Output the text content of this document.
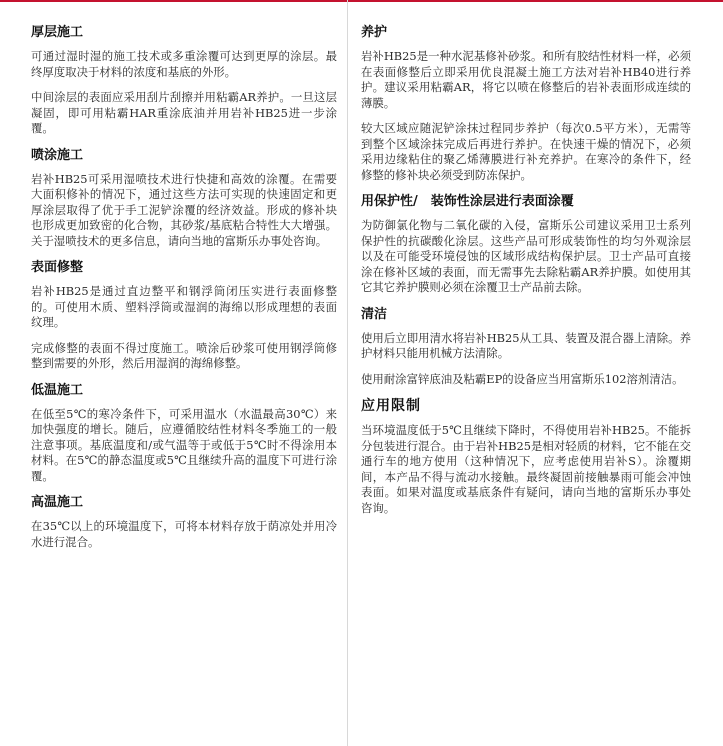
厚层施工

可通过湿时湿的施工技术或多重涂覆可达到更厚的涂层。最终厚度取决于材料的浓度和基底的外形。

中间涂层的表面应采用刮片刮擦并用粘霸AR养护。一旦这层凝固，即可用粘霸HAR重涂底油并用岩补HB25进一步涂覆。

喷涂施工

岩补HB25可采用湿喷技术进行快捷和高效的涂覆。在需要大面积修补的情况下，通过这些方法可实现的快速固定和更厚涂层取得了优于手工泥铲涂覆的经济效益。形成的修补块也形成更加致密的化合物，其砂浆/基底粘合特性大大增强。关于湿喷技术的更多信息，请向当地的富斯乐办事处咨询。

表面修整

岩补HB25是通过直边整平和钢浮筒闭压实进行表面修整的。可使用木质、塑料浮筒或湿润的海绵以形成理想的表面纹理。

完成修整的表面不得过度施工。喷涂后砂浆可使用钢浮筒修整到需要的外形，然后用湿润的海绵修整。

低温施工

在低至5℃的寒冷条件下，可采用温水（水温最高30℃）来加快强度的增长。随后，应遵循胶结性材料冬季施工的一般注意事项。基底温度和/或气温等于或低于5℃时不得涂用本材料。在5℃的静态温度或5℃且继续升高的温度下可进行涂覆。

高温施工

在35℃以上的环境温度下，可将本材料存放于荫凉处并用冷水进行混合。

养护

岩补HB25是一种水泥基修补砂浆。和所有胶结性材料一样，必须在表面修整后立即采用优良混凝土施工方法对岩补HB40进行养护。建议采用粘霸AR，将它以喷在修整后的岩补表面形成连续的薄膜。

较大区域应随泥铲涂抹过程同步养护（每次0.5平方米），无需等到整个区域涂抹完成后再进行养护。在快速干燥的情况下，必须采用边缘粘住的聚乙烯薄膜进行补充养护。在寒冷的条件下，经修整的修补块必须受到防冻保护。

用保护性/　装饰性涂层进行表面涂覆

为防御氯化物与二氧化碳的入侵，富斯乐公司建议采用卫士系列保护性的抗碳酸化涂层。这些产品可形成装饰性的均匀外观涂层以及在可能受环境侵蚀的区域形成结构保护层。卫士产品可直接涂在修补区域的表面，而无需事先去除粘霸AR养护膜。如使用其它其它养护膜则必须在涂覆卫士产品前去除。

清洁

使用后立即用清水将岩补HB25从工具、装置及混合器上清除。养护材料只能用机械方法清除。

使用耐涂富锌底油及粘霸EP的设备应当用富斯乐102溶剂清洁。

应用限制

当环境温度低于5℃且继续下降时，不得使用岩补HB25。不能拆分包装进行混合。由于岩补HB25是相对轻质的材料，它不能在交通行车的地方使用（这种情况下，应考虑使用岩补S）。涂覆期间，本产品不得与流动水接触。最终凝固前接触暴雨可能会冲蚀表面。如果对温度或基底条件有疑问，请向当地的富斯乐办事处咨询。
